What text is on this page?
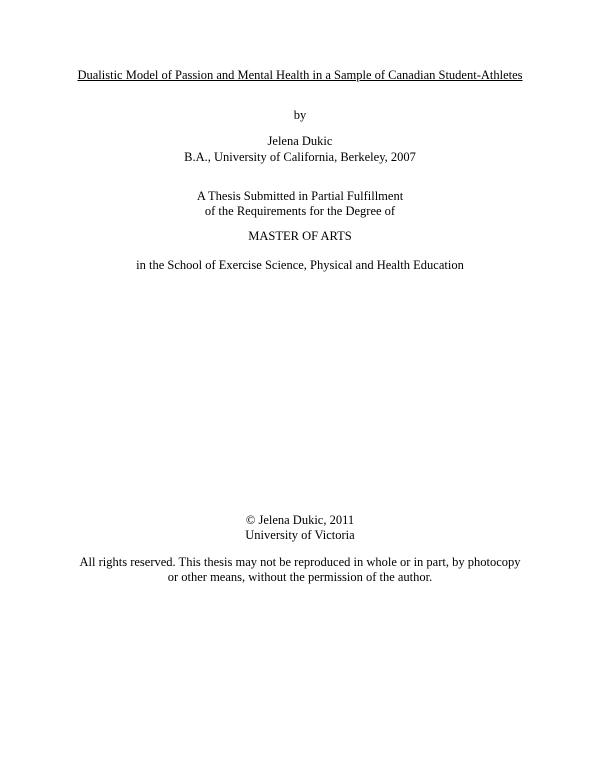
Dualistic Model of Passion and Mental Health in a Sample of Canadian Student-Athletes
by
Jelena Dukic
B.A., University of California, Berkeley, 2007
A Thesis Submitted in Partial Fulfillment
of the Requirements for the Degree of
MASTER OF ARTS
in the School of Exercise Science, Physical and Health Education
© Jelena Dukic, 2011
University of Victoria
All rights reserved. This thesis may not be reproduced in whole or in part, by photocopy
or other means, without the permission of the author.
